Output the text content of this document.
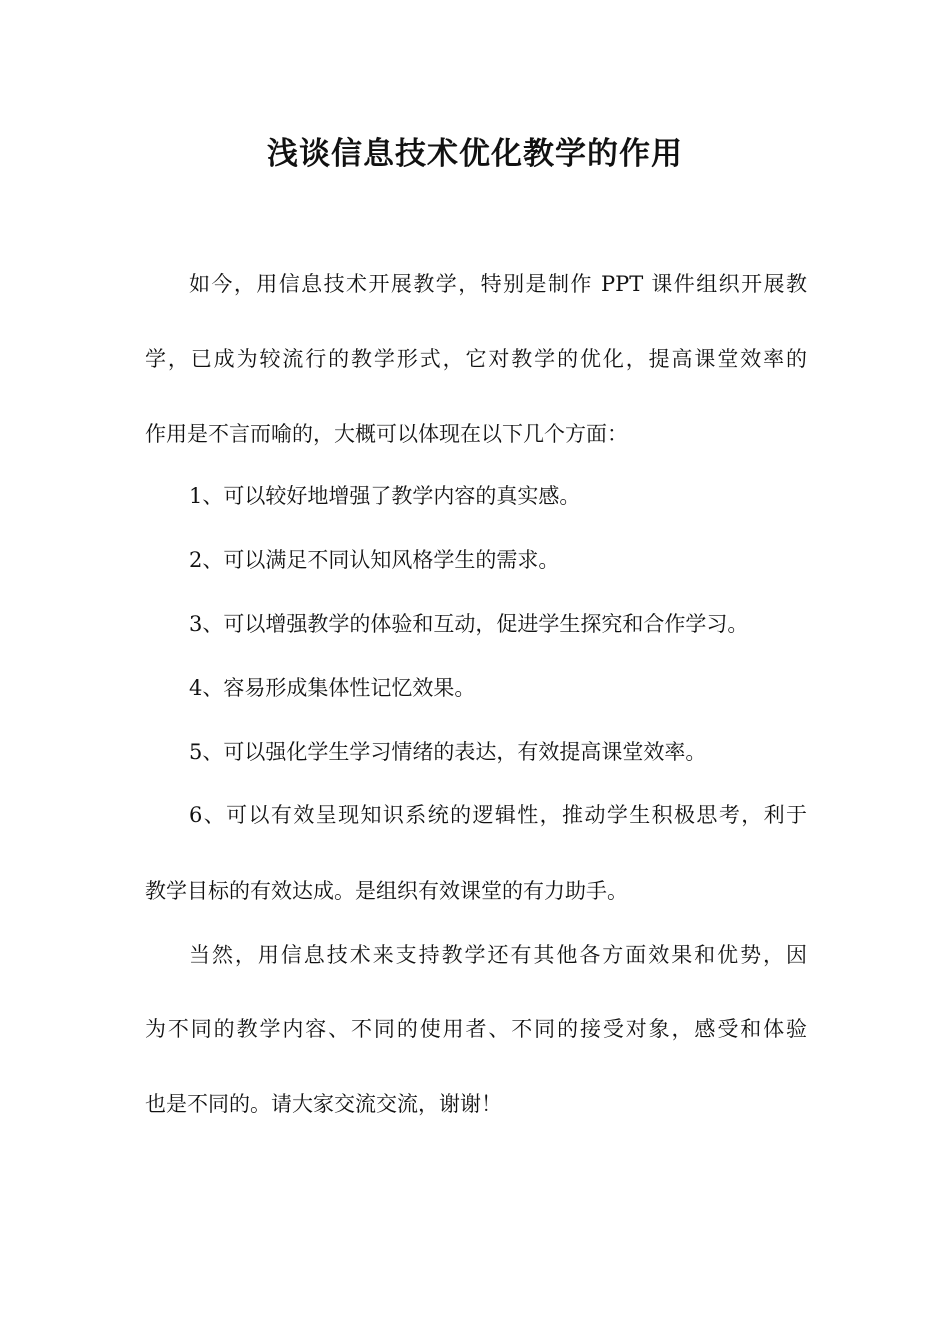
浅谈信息技术优化教学的作用
如今，用信息技术开展教学，特别是制作 PPT 课件组织开展教
学，已成为较流行的教学形式，它对教学的优化，提高课堂效率的
作用是不言而喻的，大概可以体现在以下几个方面：
1、可以较好地增强了教学内容的真实感。
2、可以满足不同认知风格学生的需求。
3、可以增强教学的体验和互动，促进学生探究和合作学习。
4、容易形成集体性记忆效果。
5、可以强化学生学习情绪的表达，有效提高课堂效率。
6、可以有效呈现知识系统的逻辑性，推动学生积极思考，利于
教学目标的有效达成。是组织有效课堂的有力助手。
当然，用信息技术来支持教学还有其他各方面效果和优势，因
为不同的教学内容、不同的使用者、不同的接受对象，感受和体验
也是不同的。请大家交流交流，谢谢！
